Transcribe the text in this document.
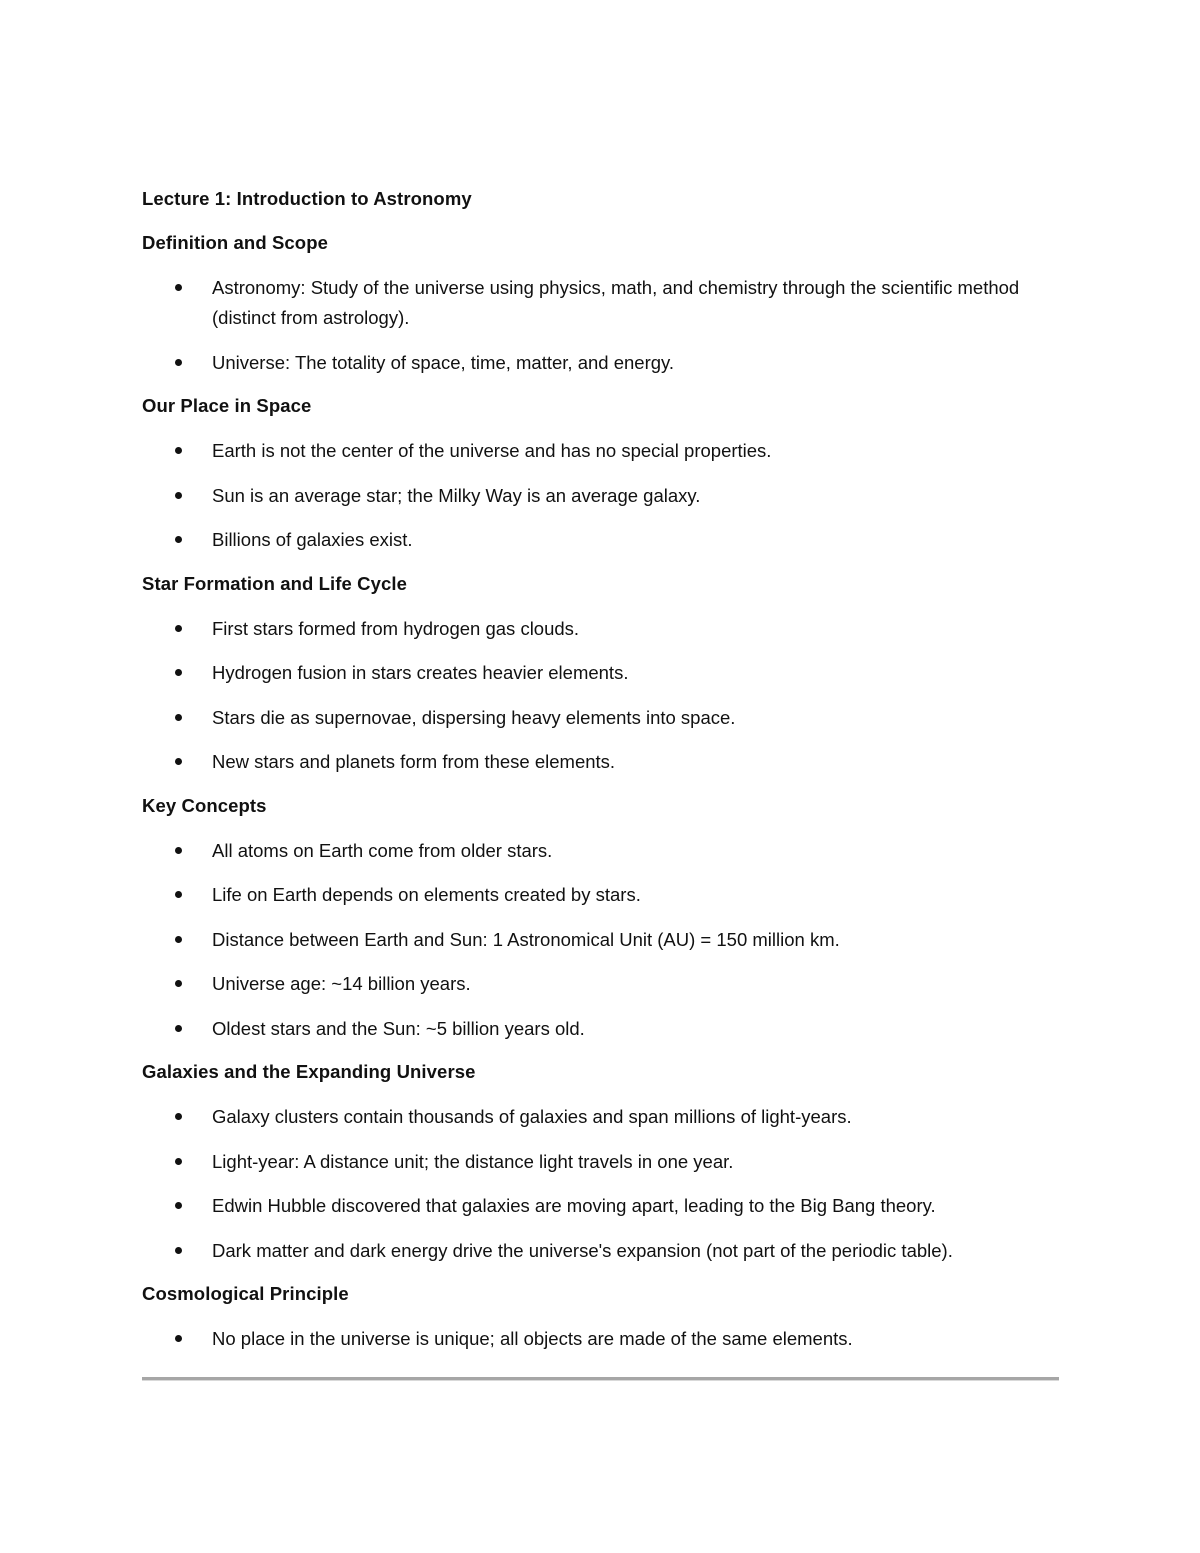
Lecture 1: Introduction to Astronomy
Definition and Scope
Astronomy: Study of the universe using physics, math, and chemistry through the scientific method (distinct from astrology).
Universe: The totality of space, time, matter, and energy.
Our Place in Space
Earth is not the center of the universe and has no special properties.
Sun is an average star; the Milky Way is an average galaxy.
Billions of galaxies exist.
Star Formation and Life Cycle
First stars formed from hydrogen gas clouds.
Hydrogen fusion in stars creates heavier elements.
Stars die as supernovae, dispersing heavy elements into space.
New stars and planets form from these elements.
Key Concepts
All atoms on Earth come from older stars.
Life on Earth depends on elements created by stars.
Distance between Earth and Sun: 1 Astronomical Unit (AU) = 150 million km.
Universe age: ~14 billion years.
Oldest stars and the Sun: ~5 billion years old.
Galaxies and the Expanding Universe
Galaxy clusters contain thousands of galaxies and span millions of light-years.
Light-year: A distance unit; the distance light travels in one year.
Edwin Hubble discovered that galaxies are moving apart, leading to the Big Bang theory.
Dark matter and dark energy drive the universe's expansion (not part of the periodic table).
Cosmological Principle
No place in the universe is unique; all objects are made of the same elements.
